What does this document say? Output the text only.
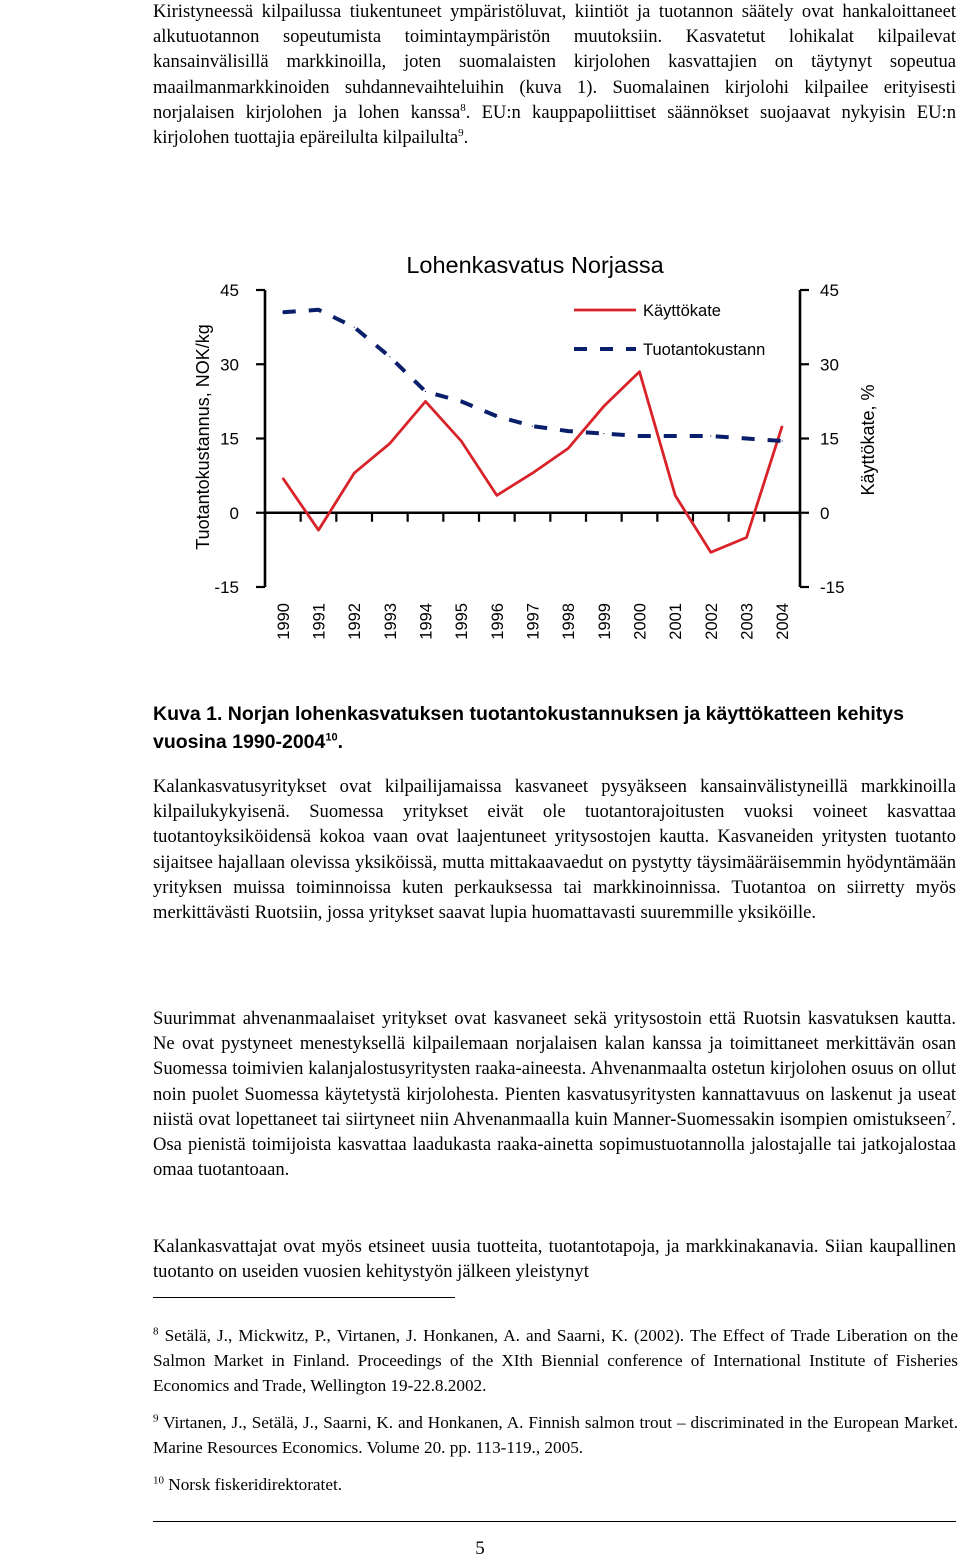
Kiristyneessä kilpailussa tiukentuneet ympäristöluvat, kiintiöt ja tuotannon säätely ovat hankaloittaneet alkutuotannon sopeutumista toimintaympäristön muutoksiin. Kasvatetut lohikalat kilpailevat kansainvälisillä markkinoilla, joten suomalaisten kirjolohen kasvattajien on täytynyt sopeutua maailmanmarkkinoiden suhdannevaihteluihin (kuva 1). Suomalainen kirjolohi kilpailee erityisesti norjalaisen kirjolohen ja lohen kanssa$^8$. EU:n kauppapoliittiset säännökset suojaavat nykyisin EU:n kirjolohen tuottajia epäreilulta kilpailulta$^9$.

Lohenkasvatus Norjassa
Tuotantokustannus, NOK/kg	Käyttökate, %
45	45
30	30
15	15
0	0
-15	-15
1990 1991 1992 1993 1994 1995 1996 1997 1998 1999 2000 2001 2002 2003 2004
Käyttökate
Tuotantokustann

Kuva 1. Norjan lohenkasvatuksen tuotantokustannuksen ja käyttökatteen kehitys vuosina 1990-2004$^{10}$.

Kalankasvatusyritykset ovat kilpailijamaissa kasvaneet pysyäkseen kansainvälistyneillä markkinoilla kilpailukykyisenä. Suomessa yritykset eivät ole tuotantorajoitusten vuoksi voineet kasvattaa tuotantoyksiköidensä kokoa vaan ovat laajentuneet yritysostojen kautta. Kasvaneiden yritysten tuotanto sijaitsee hajallaan olevissa yksiköissä, mutta mittakaavaedut on pystytty täysimääräisemmin hyödyntämään yrityksen muissa toiminnoissa kuten perkauksessa tai markkinoinnissa. Tuotantoa on siirretty myös merkittävästi Ruotsiin, jossa yritykset saavat lupia huomattavasti suuremmille yksiköille.

Suurimmat ahvenanmaalaiset yritykset ovat kasvaneet sekä yritysostoin että Ruotsin kasvatuksen kautta. Ne ovat pystyneet menestyksellä kilpailemaan norjalaisen kalan kanssa ja toimittaneet merkittävän osan Suomessa toimivien kalanjalostusyritysten raaka-aineesta. Ahvenanmaalta ostetun kirjolohen osuus on ollut noin puolet Suomessa käytetystä kirjolohesta. Pienten kasvatusyritysten kannattavuus on laskenut ja useat niistä ovat lopettaneet tai siirtyneet niin Ahvenanmaalla kuin Manner-Suomessakin isompien omistukseen$^7$. Osa pienistä toimijoista kasvattaa laadukasta raaka-ainetta sopimustuotannolla jalostajalle tai jatkojalostaa omaa tuotantoaan.

Kalankasvattajat ovat myös etsineet uusia tuotteita, tuotantotapoja, ja markkinakanavia. Siian kaupallinen tuotanto on useiden vuosien kehitystyön jälkeen yleistynyt

$^8$ Setälä, J., Mickwitz, P., Virtanen, J. Honkanen, A. and Saarni, K. (2002). The Effect of Trade Liberation on the Salmon Market in Finland. Proceedings of the XIth Biennial conference of International Institute of Fisheries Economics and Trade, Wellington 19-22.8.2002.

$^9$ Virtanen, J., Setälä, J., Saarni, K. and Honkanen, A. Finnish salmon trout – discriminated in the European Market. Marine Resources Economics. Volume 20. pp. 113-119., 2005.

$^{10}$ Norsk fiskeridirektoratet.

5
